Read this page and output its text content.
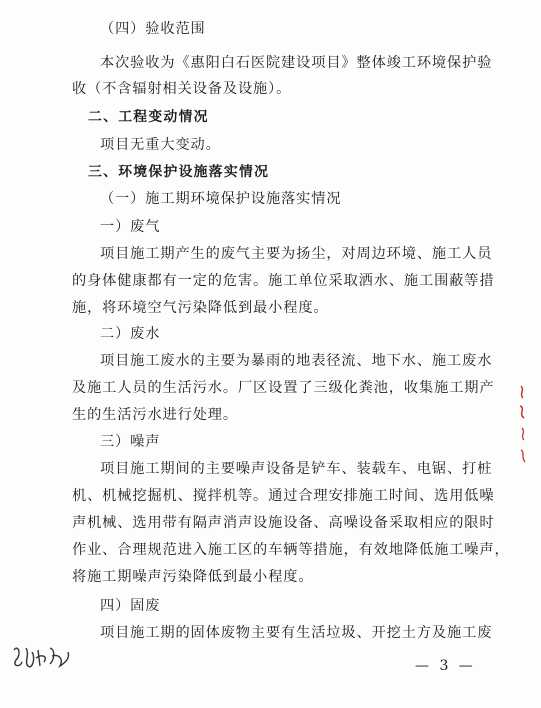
（四）验收范围
本次验收为《惠阳白石医院建设项目》整体竣工环境保护验
收（不含辐射相关设备及设施）。
二、工程变动情况
项目无重大变动。
三、环境保护设施落实情况
（一）施工期环境保护设施落实情况
一）废气
项目施工期产生的废气主要为扬尘，对周边环境、施工人员
的身体健康都有一定的危害。施工单位采取洒水、施工围蔽等措
施，将环境空气污染降低到最小程度。
二）废水
项目施工废水的主要为暴雨的地表径流、地下水、施工废水
及施工人员的生活污水。厂区设置了三级化粪池，收集施工期产
生的生活污水进行处理。
三）噪声
项目施工期间的主要噪声设备是铲车、装载车、电锯、打桩
机、机械挖掘机、搅拌机等。通过合理安排施工时间、选用低噪
声机械、选用带有隔声消声设施设备、高噪设备采取相应的限时
作业、合理规范进入施工区的车辆等措施，有效地降低施工噪声，
将施工期噪声污染降低到最小程度。
四）固废
项目施工期的固体废物主要有生活垃圾、开挖土方及施工废
— 3 —
